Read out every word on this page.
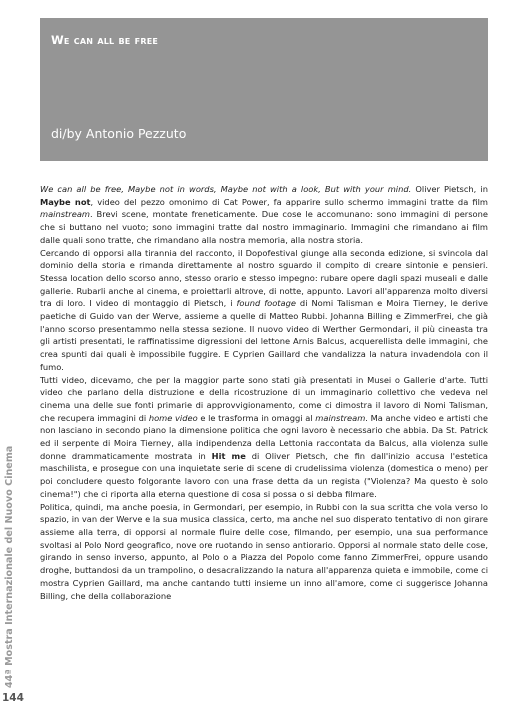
We can all be free

di/by Antonio Pezzuto

We can all be free, Maybe not in words, Maybe not with a look, But with your mind. Oliver Pietsch, in Maybe not, video del pezzo omonimo di Cat Power, fa apparire sullo schermo immagini tratte da film mainstream. Brevi scene, montate freneticamente. Due cose le accomunano: sono immagini di persone che si buttano nel vuoto; sono immagini tratte dal nostro immaginario. Immagini che rimandano ai film dalle quali sono tratte, che rimandano alla nostra memoria, alla nostra storia.

Cercando di opporsi alla tirannia del racconto, il Dopofestival giunge alla seconda edizione, si svincola dal dominio della storia e rimanda direttamente al nostro sguardo il compito di creare sintonie e pensieri. Stessa location dello scorso anno, stesso orario e stesso impegno: rubare opere dagli spazi museali e dalle gallerie. Rubarli anche al cinema, e proiettarli altrove, di notte, appunto. Lavori all'apparenza molto diversi tra di loro. I video di montaggio di Pietsch, i found footage di Nomi Talisman e Moira Tierney, le derive paetiche di Guido van der Werve, assieme a quelle di Matteo Rubbi. Johanna Billing e ZimmerFrei, che già l'anno scorso presentammo nella stessa sezione. Il nuovo video di Werther Germondari, il più cineasta tra gli artisti presentati, le raffinatissime digressioni del lettone Arnis Balcus, acquerellista delle immagini, che crea spunti dai quali è impossibile fuggire. E Cyprien Gaillard che vandalizza la natura invadendola con il fumo.

Tutti video, dicevamo, che per la maggior parte sono stati già presentati in Musei o Gallerie d'arte. Tutti video che parlano della distruzione e della ricostruzione di un immaginario collettivo che vedeva nel cinema una delle sue fonti primarie di approvvigionamento, come ci dimostra il lavoro di Nomi Talisman, che recupera immagini di home video e le trasforma in omaggi al mainstream. Ma anche video e artisti che non lasciano in secondo piano la dimensione politica che ogni lavoro è necessario che abbia. Da St. Patrick ed il serpente di Moira Tierney, alla indipendenza della Lettonia raccontata da Balcus, alla violenza sulle donne drammaticamente mostrata in Hit me di Oliver Pietsch, che fin dall'inizio accusa l'estetica maschilista, e prosegue con una inquietate serie di scene di crudelissima violenza (domestica o meno) per poi concludere questo folgorante lavoro con una frase detta da un regista ("Violenza? Ma questo è solo cinema!") che ci riporta alla eterna questione di cosa si possa o si debba filmare.

Politica, quindi, ma anche poesia, in Germondari, per esempio, in Rubbi con la sua scritta che vola verso lo spazio, in van der Werve e la sua musica classica, certo, ma anche nel suo disperato tentativo di non girare assieme alla terra, di opporsi al normale fluire delle cose, filmando, per esempio, una sua performance svoltasi al Polo Nord geografico, nove ore ruotando in senso antiorario. Opporsi al normale stato delle cose, girando in senso inverso, appunto, al Polo o a Piazza del Popolo come fanno ZimmerFrei, oppure usando droghe, buttandosi da un trampolino, o desacralizzando la natura all'apparenza quieta e immobile, come ci mostra Cyprien Gaillard, ma anche cantando tutti insieme un inno all'amore, come ci suggerisce Johanna Billing, che della collaborazione

44ª Mostra Internazionale del Nuovo Cinema

144
